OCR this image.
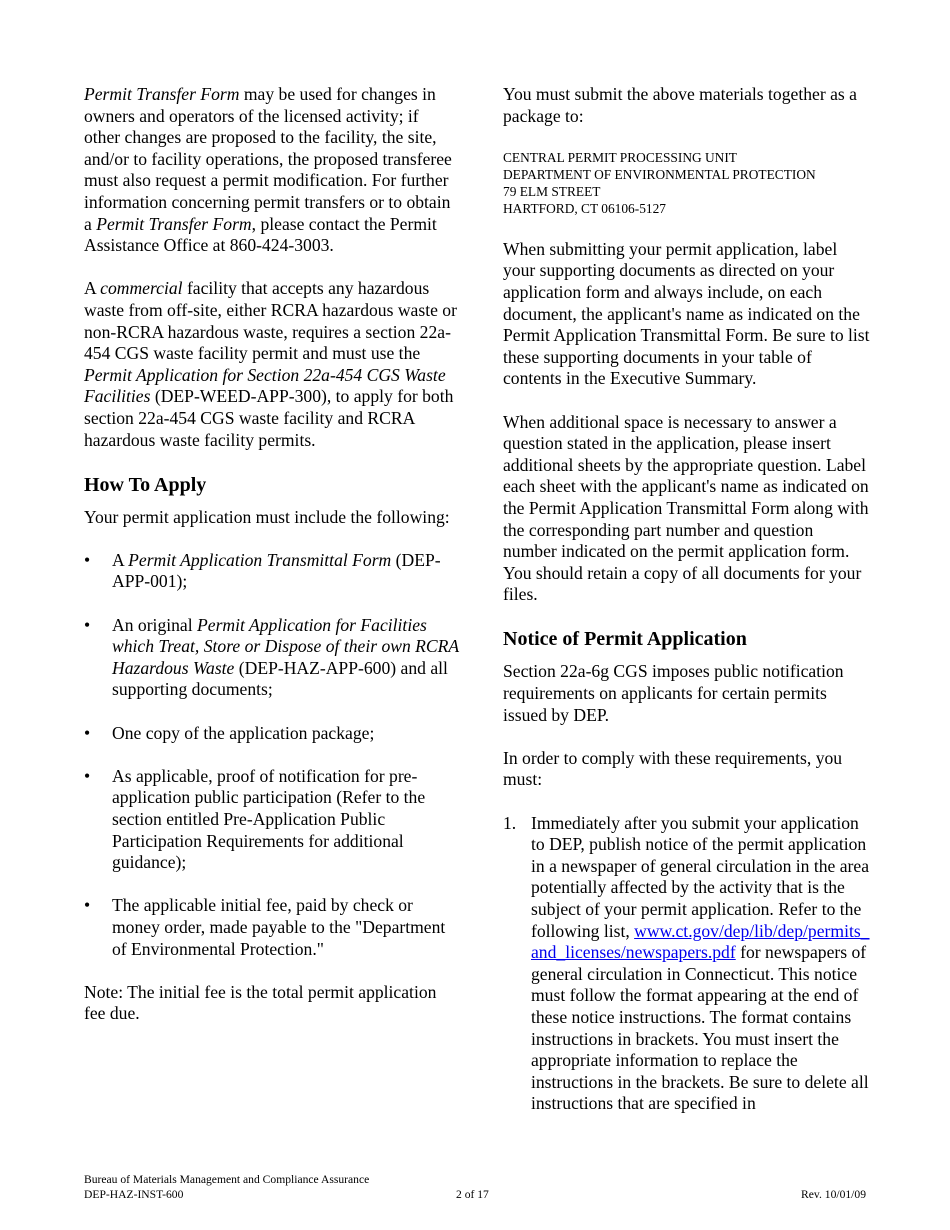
Permit Transfer Form may be used for changes in owners and operators of the licensed activity; if other changes are proposed to the facility, the site, and/or to facility operations, the proposed transferee must also request a permit modification. For further information concerning permit transfers or to obtain a Permit Transfer Form, please contact the Permit Assistance Office at 860-424-3003.

A commercial facility that accepts any hazardous waste from off-site, either RCRA hazardous waste or non-RCRA hazardous waste, requires a section 22a-454 CGS waste facility permit and must use the Permit Application for Section 22a-454 CGS Waste Facilities (DEP-WEED-APP-300), to apply for both section 22a-454 CGS waste facility and RCRA hazardous waste facility permits.

How To Apply

Your permit application must include the following:

• A Permit Application Transmittal Form (DEP-APP-001);
• An original Permit Application for Facilities which Treat, Store or Dispose of their own RCRA Hazardous Waste (DEP-HAZ-APP-600) and all supporting documents;
• One copy of the application package;
• As applicable, proof of notification for pre-application public participation (Refer to the section entitled Pre-Application Public Participation Requirements for additional guidance);
• The applicable initial fee, paid by check or money order, made payable to the "Department of Environmental Protection."

Note: The initial fee is the total permit application fee due.

You must submit the above materials together as a package to:

CENTRAL PERMIT PROCESSING UNIT
DEPARTMENT OF ENVIRONMENTAL PROTECTION
79 ELM STREET
HARTFORD, CT 06106-5127

When submitting your permit application, label your supporting documents as directed on your application form and always include, on each document, the applicant's name as indicated on the Permit Application Transmittal Form. Be sure to list these supporting documents in your table of contents in the Executive Summary.

When additional space is necessary to answer a question stated in the application, please insert additional sheets by the appropriate question. Label each sheet with the applicant's name as indicated on the Permit Application Transmittal Form along with the corresponding part number and question number indicated on the permit application form. You should retain a copy of all documents for your files.

Notice of Permit Application

Section 22a-6g CGS imposes public notification requirements on applicants for certain permits issued by DEP.

In order to comply with these requirements, you must:

1. Immediately after you submit your application to DEP, publish notice of the permit application in a newspaper of general circulation in the area potentially affected by the activity that is the subject of your permit application. Refer to the following list, www.ct.gov/dep/lib/dep/permits_and_licenses/newspapers.pdf for newspapers of general circulation in Connecticut. This notice must follow the format appearing at the end of these notice instructions. The format contains instructions in brackets. You must insert the appropriate information to replace the instructions in the brackets. Be sure to delete all instructions that are specified in
Bureau of Materials Management and Compliance Assurance
DEP-HAZ-INST-600	2 of 17	Rev. 10/01/09
